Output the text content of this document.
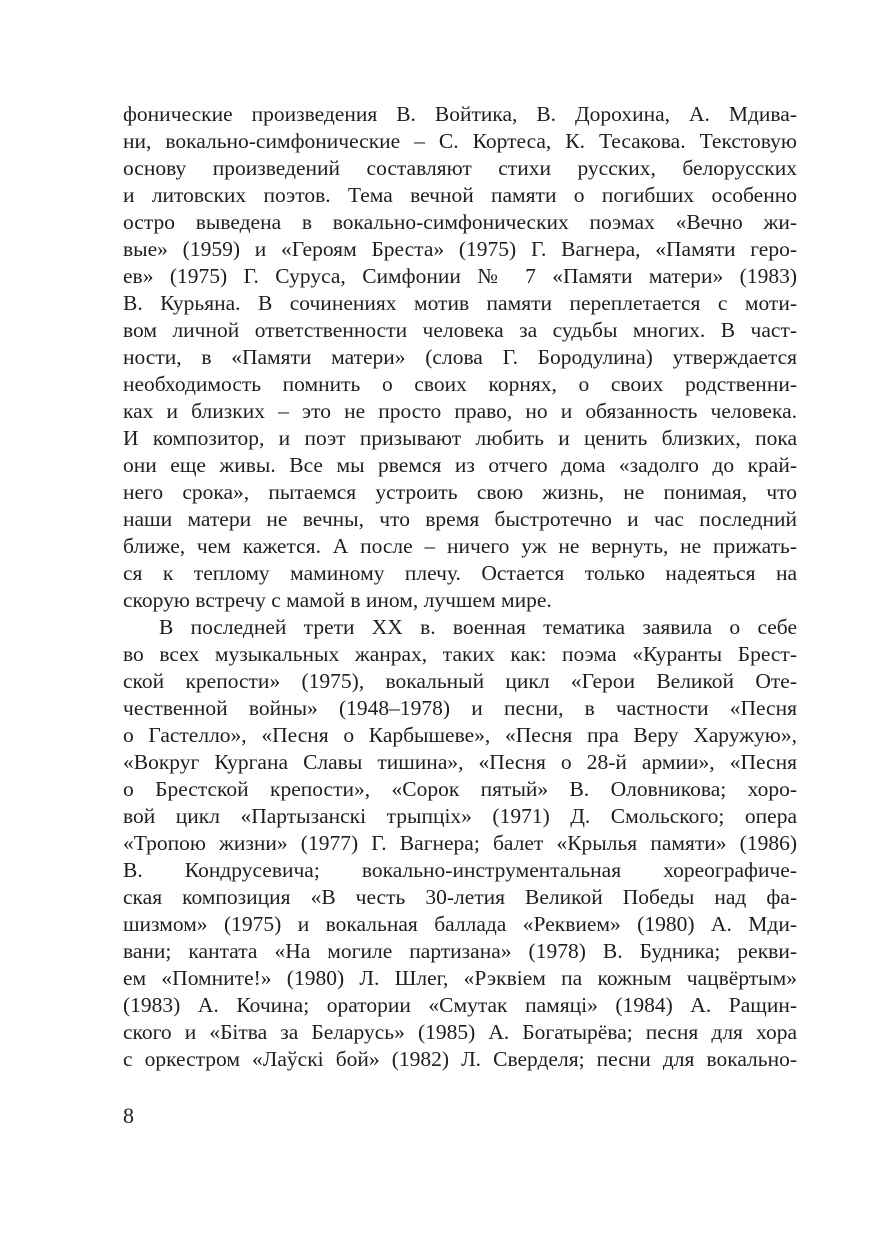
фонические произведения В. Войтика, В. Дорохина, А. Мдива-
ни, вокально-симфонические – С. Кортеса, К. Тесакова. Текстовую
основу произведений составляют стихи русских, белорусских
и литовских поэтов. Тема вечной памяти о погибших особенно
остро выведена в вокально-симфонических поэмах «Вечно жи-
вые» (1959) и «Героям Бреста» (1975) Г. Вагнера, «Памяти геро-
ев» (1975) Г. Суруса, Симфонии № 7 «Памяти матери» (1983)
В. Курьяна. В сочинениях мотив памяти переплетается с моти-
вом личной ответственности человека за судьбы многих. В част-
ности, в «Памяти матери» (слова Г. Бородулина) утверждается
необходимость помнить о своих корнях, о своих родственни-
ках и близких – это не просто право, но и обязанность человека.
И композитор, и поэт призывают любить и ценить близких, пока
они еще живы. Все мы рвемся из отчего дома «задолго до край-
него срока», пытаемся устроить свою жизнь, не понимая, что
наши матери не вечны, что время быстротечно и час последний
ближе, чем кажется. А после – ничего уж не вернуть, не прижать-
ся к теплому маминому плечу. Остается только надеяться на
скорую встречу с мамой в ином, лучшем мире.
В последней трети XX в. военная тематика заявила о себе
во всех музыкальных жанрах, таких как: поэма «Куранты Брест-
ской крепости» (1975), вокальный цикл «Герои Великой Оте-
чественной войны» (1948–1978) и песни, в частности «Песня
о Гастелло», «Песня о Карбышеве», «Песня пра Веру Харужую»,
«Вокруг Кургана Славы тишина», «Песня о 28-й армии», «Песня
о Брестской крепости», «Сорок пятый» В. Оловникова; хоро-
вой цикл «Партызанскі трыпціх» (1971) Д. Смольского; опера
«Тропою жизни» (1977) Г. Вагнера; балет «Крылья памяти» (1986)
В. Кондрусевича; вокально-инструментальная хореографиче-
ская композиция «В честь 30-летия Великой Победы над фа-
шизмом» (1975) и вокальная баллада «Реквием» (1980) А. Мди-
вани; кантата «На могиле партизана» (1978) В. Будника; рекви-
ем «Помните!» (1980) Л. Шлег, «Рэквіем па кожным чацвёртым»
(1983) А. Кочина; оратории «Смутак памяці» (1984) А. Ращин-
ского и «Бітва за Беларусь» (1985) А. Богатырёва; песня для хора
с оркестром «Лаўскі бой» (1982) Л. Сверделя; песни для вокально-
8
